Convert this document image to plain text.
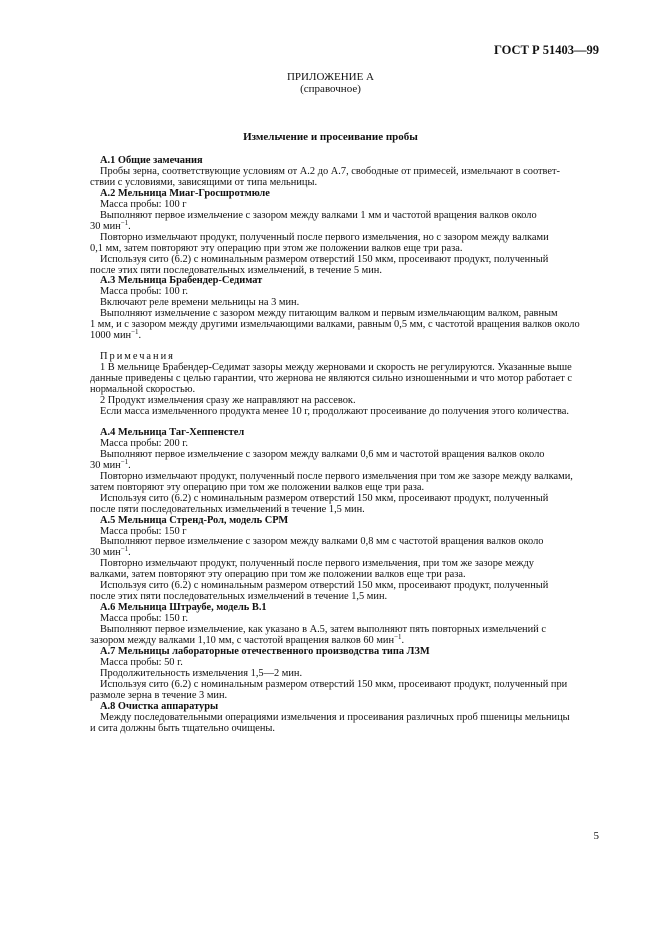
ГОСТ Р 51403—99
ПРИЛОЖЕНИЕ А
(справочное)
Измельчение и просеивание пробы

А.1 Общие замечания

Пробы зерна, соответствующие условиям от А.2 до А.7, свободные от примесей, измельчают в соответ-

ствии с условиями, зависящими от типа мельницы.

А.2 Мельница Миаг-Гросшротмюле

Масса пробы: 100 г

Выполняют первое измельчение с зазором между валками 1 мм и частотой вращения валков около

30 мин$^{-1}$.

Повторно измельчают продукт, полученный после первого измельчения, но с зазором между валками

0,1 мм, затем повторяют эту операцию при этом же положении валков еще три раза.

Используя сито (6.2) с номинальным размером отверстий 150 мкм, просеивают продукт, полученный

после этих пяти последовательных измельчений, в течение 5 мин.

А.3 Мельница Брабендер-Седимат

Масса пробы: 100 г.

Включают реле времени мельницы на 3 мин.

Выполняют измельчение с зазором между питающим валком и первым измельчающим валком, равным

1 мм, и с зазором между другими измельчающими валками, равным 0,5 мм, с частотой вращения валков около

1000 мин$^{-1}$.

Примечания

1 В мельнице Брабендер-Седимат зазоры между жерновами и скорость не регулируются. Указанные выше

данные приведены с целью гарантии, что жернова не являются сильно изношенными и что мотор работает с

нормальной скоростью.

2 Продукт измельчения сразу же направляют на рассевок.

Если масса измельченного продукта менее 10 г, продолжают просеивание до получения этого количества.

А.4 Мельница Таг-Хеппенстел

Масса пробы: 200 г.

Выполняют первое измельчение с зазором между валками 0,6 мм и частотой вращения валков около

30 мин$^{-1}$.

Повторно измельчают продукт, полученный после первого измельчения при том же зазоре между валками,

затем повторяют эту операцию при том же положении валков еще три раза.

Используя сито (6.2) с номинальным размером отверстий 150 мкм, просеивают продукт, полученный

после пяти последовательных измельчений в течение 1,5 мин.

А.5 Мельница Стренд-Рол, модель СРМ

Масса пробы: 150 г

Выполняют первое измельчение с зазором между валками 0,8 мм с частотой вращения валков около

30 мин$^{-1}$.

Повторно измельчают продукт, полученный после первого измельчения, при том же зазоре между

валками, затем повторяют эту операцию при том же положении валков еще три раза.

Используя сито (6.2) с номинальным размером отверстий 150 мкм, просеивают продукт, полученный

после этих пяти последовательных измельчений в течение 1,5 мин.

А.6 Мельница Штраубе, модель В.1

Масса пробы: 150 г.

Выполняют первое измельчение, как указано в А.5, затем выполняют пять повторных измельчений с

зазором между валками 1,10 мм, с частотой вращения валков 60 мин$^{-1}$.

А.7 Мельницы лабораторные отечественного производства типа ЛЗМ

Масса пробы: 50 г.

Продолжительность измельчения 1,5—2 мин.

Используя сито (6.2) с номинальным размером отверстий 150 мкм, просеивают продукт, полученный при

размоле зерна в течение 3 мин.

А.8 Очистка аппаратуры

Между последовательными операциями измельчения и просеивания различных проб пшеницы мельницы

и сита должны быть тщательно очищены.

5
